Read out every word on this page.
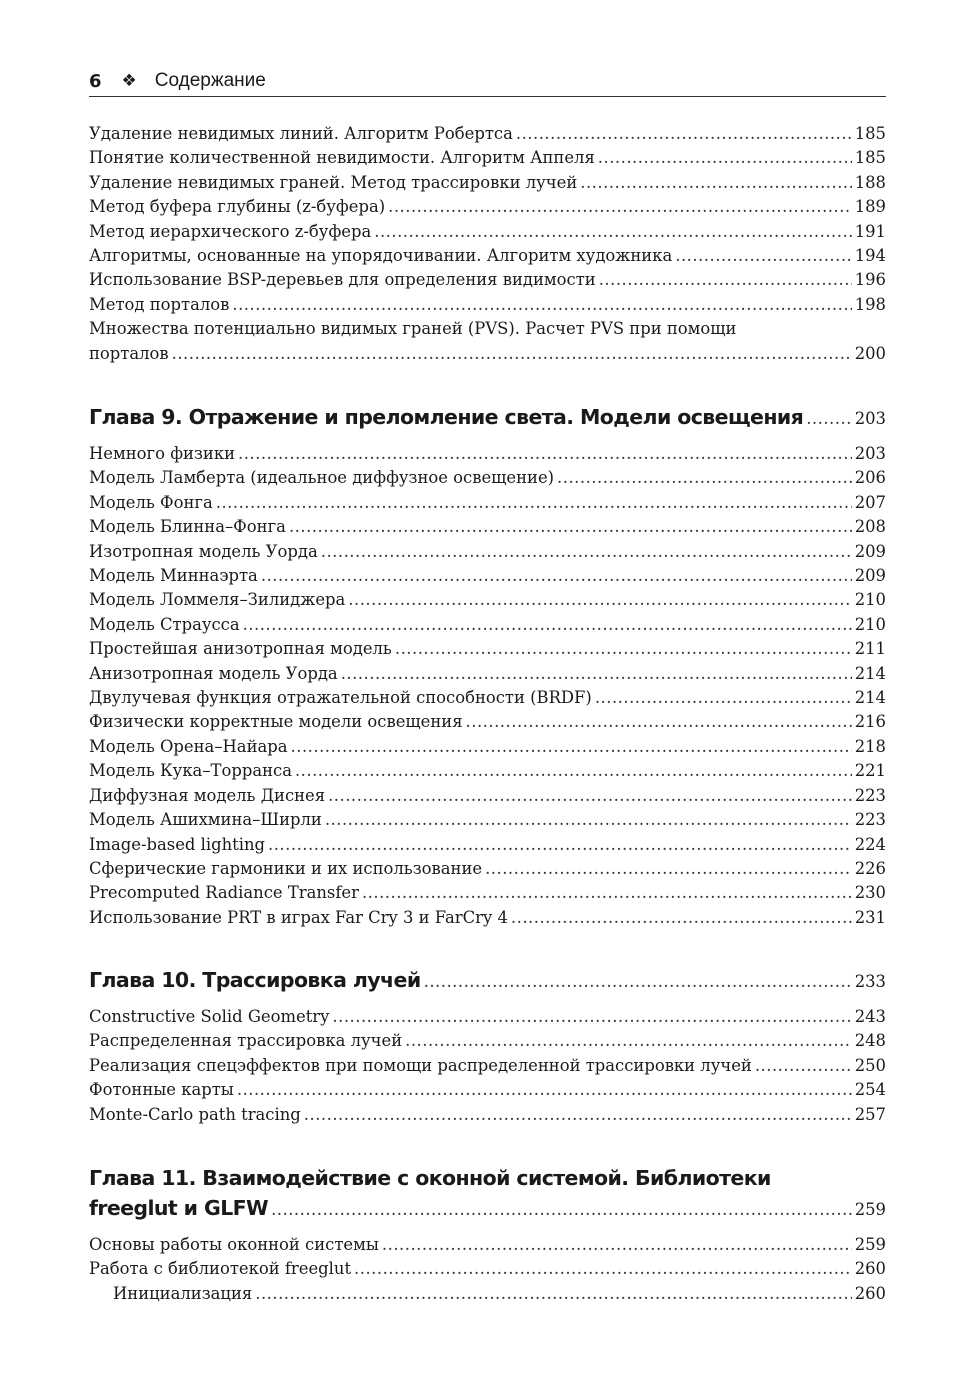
6 ❖ Содержание
Удаление невидимых линий. Алгоритм Робертса .....	185
Понятие количественной невидимости. Алгоритм Аппеля .....	185
Удаление невидимых граней. Метод трассировки лучей .....	188
Метод буфера глубины (z-буфера) .....	189
Метод иерархического z-буфера .....	191
Алгоритмы, основанные на упорядочивании. Алгоритм художника .....	194
Использование BSP-деревьев для определения видимости .....	196
Метод порталов .....	198
Множества потенциально видимых граней (PVS). Расчет PVS при помощи
порталов .....	200
Глава 9. Отражение и преломление света. Модели освещения .....	203
Немного физики .....	203
Модель Ламберта (идеальное диффузное освещение) .....	206
Модель Фонга .....	207
Модель Блинна–Фонга .....	208
Изотропная модель Уорда .....	209
Модель Миннаэрта .....	209
Модель Ломмеля–Зилиджера .....	210
Модель Страусса .....	210
Простейшая анизотропная модель .....	211
Анизотропная модель Уорда .....	214
Двулучевая функция отражательной способности (BRDF) .....	214
Физически корректные модели освещения .....	216
Модель Орена–Найара .....	218
Модель Кука–Торранса .....	221
Диффузная модель Диснея .....	223
Модель Ашихмина–Ширли .....	223
Image-based lighting .....	224
Сферические гармоники и их использование .....	226
Precomputed Radiance Transfer .....	230
Использование PRT в играх Far Cry 3 и FarCry 4 .....	231
Глава 10. Трассировка лучей .....	233
Constructive Solid Geometry .....	243
Распределенная трассировка лучей .....	248
Реализация спецэффектов при помощи распределенной трассировки лучей .....	250
Фотонные карты .....	254
Monte-Carlo path tracing .....	257
Глава 11. Взаимодействие с оконной системой. Библиотеки
freeglut и GLFW .....	259
Основы работы оконной системы .....	259
Работа с библиотекой freeglut .....	260
Инициализация .....	260
